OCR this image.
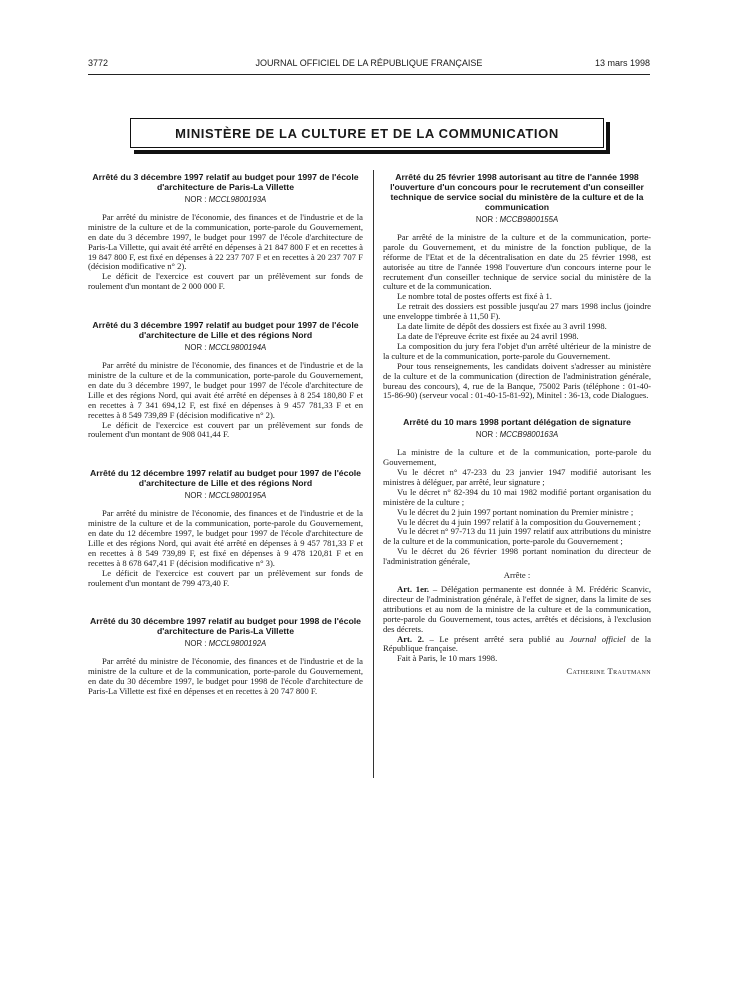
3772	JOURNAL OFFICIEL DE LA RÉPUBLIQUE FRANÇAISE	13 mars 1998
MINISTÈRE DE LA CULTURE ET DE LA COMMUNICATION
Arrêté du 3 décembre 1997 relatif au budget pour 1997 de l'école d'architecture de Paris-La Villette
NOR : MCCL9800193A

Par arrêté du ministre de l'économie, des finances et de l'industrie et de la ministre de la culture et de la communication, porte-parole du Gouvernement, en date du 3 décembre 1997, le budget pour 1997 de l'école d'architecture de Paris-La Villette, qui avait été arrêté en dépenses à 21 847 800 F et en recettes à 19 847 800 F, est fixé en dépenses à 22 237 707 F et en recettes à 20 237 707 F (décision modificative n° 2).

Le déficit de l'exercice est couvert par un prélèvement sur fonds de roulement d'un montant de 2 000 000 F.

Arrêté du 3 décembre 1997 relatif au budget pour 1997 de l'école d'architecture de Lille et des régions Nord
NOR : MCCL9800194A

Par arrêté du ministre de l'économie, des finances et de l'industrie et de la ministre de la culture et de la communication, porte-parole du Gouvernement, en date du 3 décembre 1997, le budget pour 1997 de l'école d'architecture de Lille et des régions Nord, qui avait été arrêté en dépenses à 8 254 180,80 F et en recettes à 7 341 694,12 F, est fixé en dépenses à 9 457 781,33 F et en recettes à 8 549 739,89 F (décision modificative n° 2).

Le déficit de l'exercice est couvert par un prélèvement sur fonds de roulement d'un montant de 908 041,44 F.

Arrêté du 12 décembre 1997 relatif au budget pour 1997 de l'école d'architecture de Lille et des régions Nord
NOR : MCCL9800195A

Par arrêté du ministre de l'économie, des finances et de l'industrie et de la ministre de la culture et de la communication, porte-parole du Gouvernement, en date du 12 décembre 1997, le budget pour 1997 de l'école d'architecture de Lille et des régions Nord, qui avait été arrêté en dépenses à 9 457 781,33 F et en recettes à 8 549 739,89 F, est fixé en dépenses à 9 478 120,81 F et en recettes à 8 678 647,41 F (décision modificative n° 3).

Le déficit de l'exercice est couvert par un prélèvement sur fonds de roulement d'un montant de 799 473,40 F.

Arrêté du 30 décembre 1997 relatif au budget pour 1998 de l'école d'architecture de Paris-La Villette
NOR : MCCL9800192A

Par arrêté du ministre de l'économie, des finances et de l'industrie et de la ministre de la culture et de la communication, porte-parole du Gouvernement, en date du 30 décembre 1997, le budget pour 1998 de l'école d'architecture de Paris-La Villette est fixé en dépenses et en recettes à 20 747 800 F.

Arrêté du 25 février 1998 autorisant au titre de l'année 1998 l'ouverture d'un concours pour le recrutement d'un conseiller technique de service social du ministère de la culture et de la communication
NOR : MCCB9800155A

Par arrêté de la ministre de la culture et de la communication, porte-parole du Gouvernement, et du ministre de la fonction publique, de la réforme de l'Etat et de la décentralisation en date du 25 février 1998, est autorisée au titre de l'année 1998 l'ouverture d'un concours interne pour le recrutement d'un conseiller technique de service social du ministère de la culture et de la communication.

Le nombre total de postes offerts est fixé à 1.

Le retrait des dossiers est possible jusqu'au 27 mars 1998 inclus (joindre une enveloppe timbrée à 11,50 F).

La date limite de dépôt des dossiers est fixée au 3 avril 1998.

La date de l'épreuve écrite est fixée au 24 avril 1998.

La composition du jury fera l'objet d'un arrêté ultérieur de la ministre de la culture et de la communication, porte-parole du Gouvernement.

Pour tous renseignements, les candidats doivent s'adresser au ministère de la culture et de la communication (direction de l'administration générale, bureau des concours), 4, rue de la Banque, 75002 Paris (téléphone : 01-40-15-86-90) (serveur vocal : 01-40-15-81-92), Minitel : 36-13, code Dialogues.

Arrêté du 10 mars 1998 portant délégation de signature
NOR : MCCB9800163A

La ministre de la culture et de la communication, porte-parole du Gouvernement,

Vu le décret n° 47-233 du 23 janvier 1947 modifié autorisant les ministres à déléguer, par arrêté, leur signature ;

Vu le décret n° 82-394 du 10 mai 1982 modifié portant organisation du ministère de la culture ;

Vu le décret du 2 juin 1997 portant nomination du Premier ministre ;

Vu le décret du 4 juin 1997 relatif à la composition du Gouvernement ;

Vu le décret n° 97-713 du 11 juin 1997 relatif aux attributions du ministre de la culture et de la communication, porte-parole du Gouvernement ;

Vu le décret du 26 février 1998 portant nomination du directeur de l'administration générale,

Arrête :

Art. 1er. – Délégation permanente est donnée à M. Frédéric Scanvic, directeur de l'administration générale, à l'effet de signer, dans la limite de ses attributions et au nom de la ministre de la culture et de la communication, porte-parole du Gouvernement, tous actes, arrêtés et décisions, à l'exclusion des décrets.

Art. 2. – Le présent arrêté sera publié au Journal officiel de la République française.

Fait à Paris, le 10 mars 1998.

Catherine Trautmann
